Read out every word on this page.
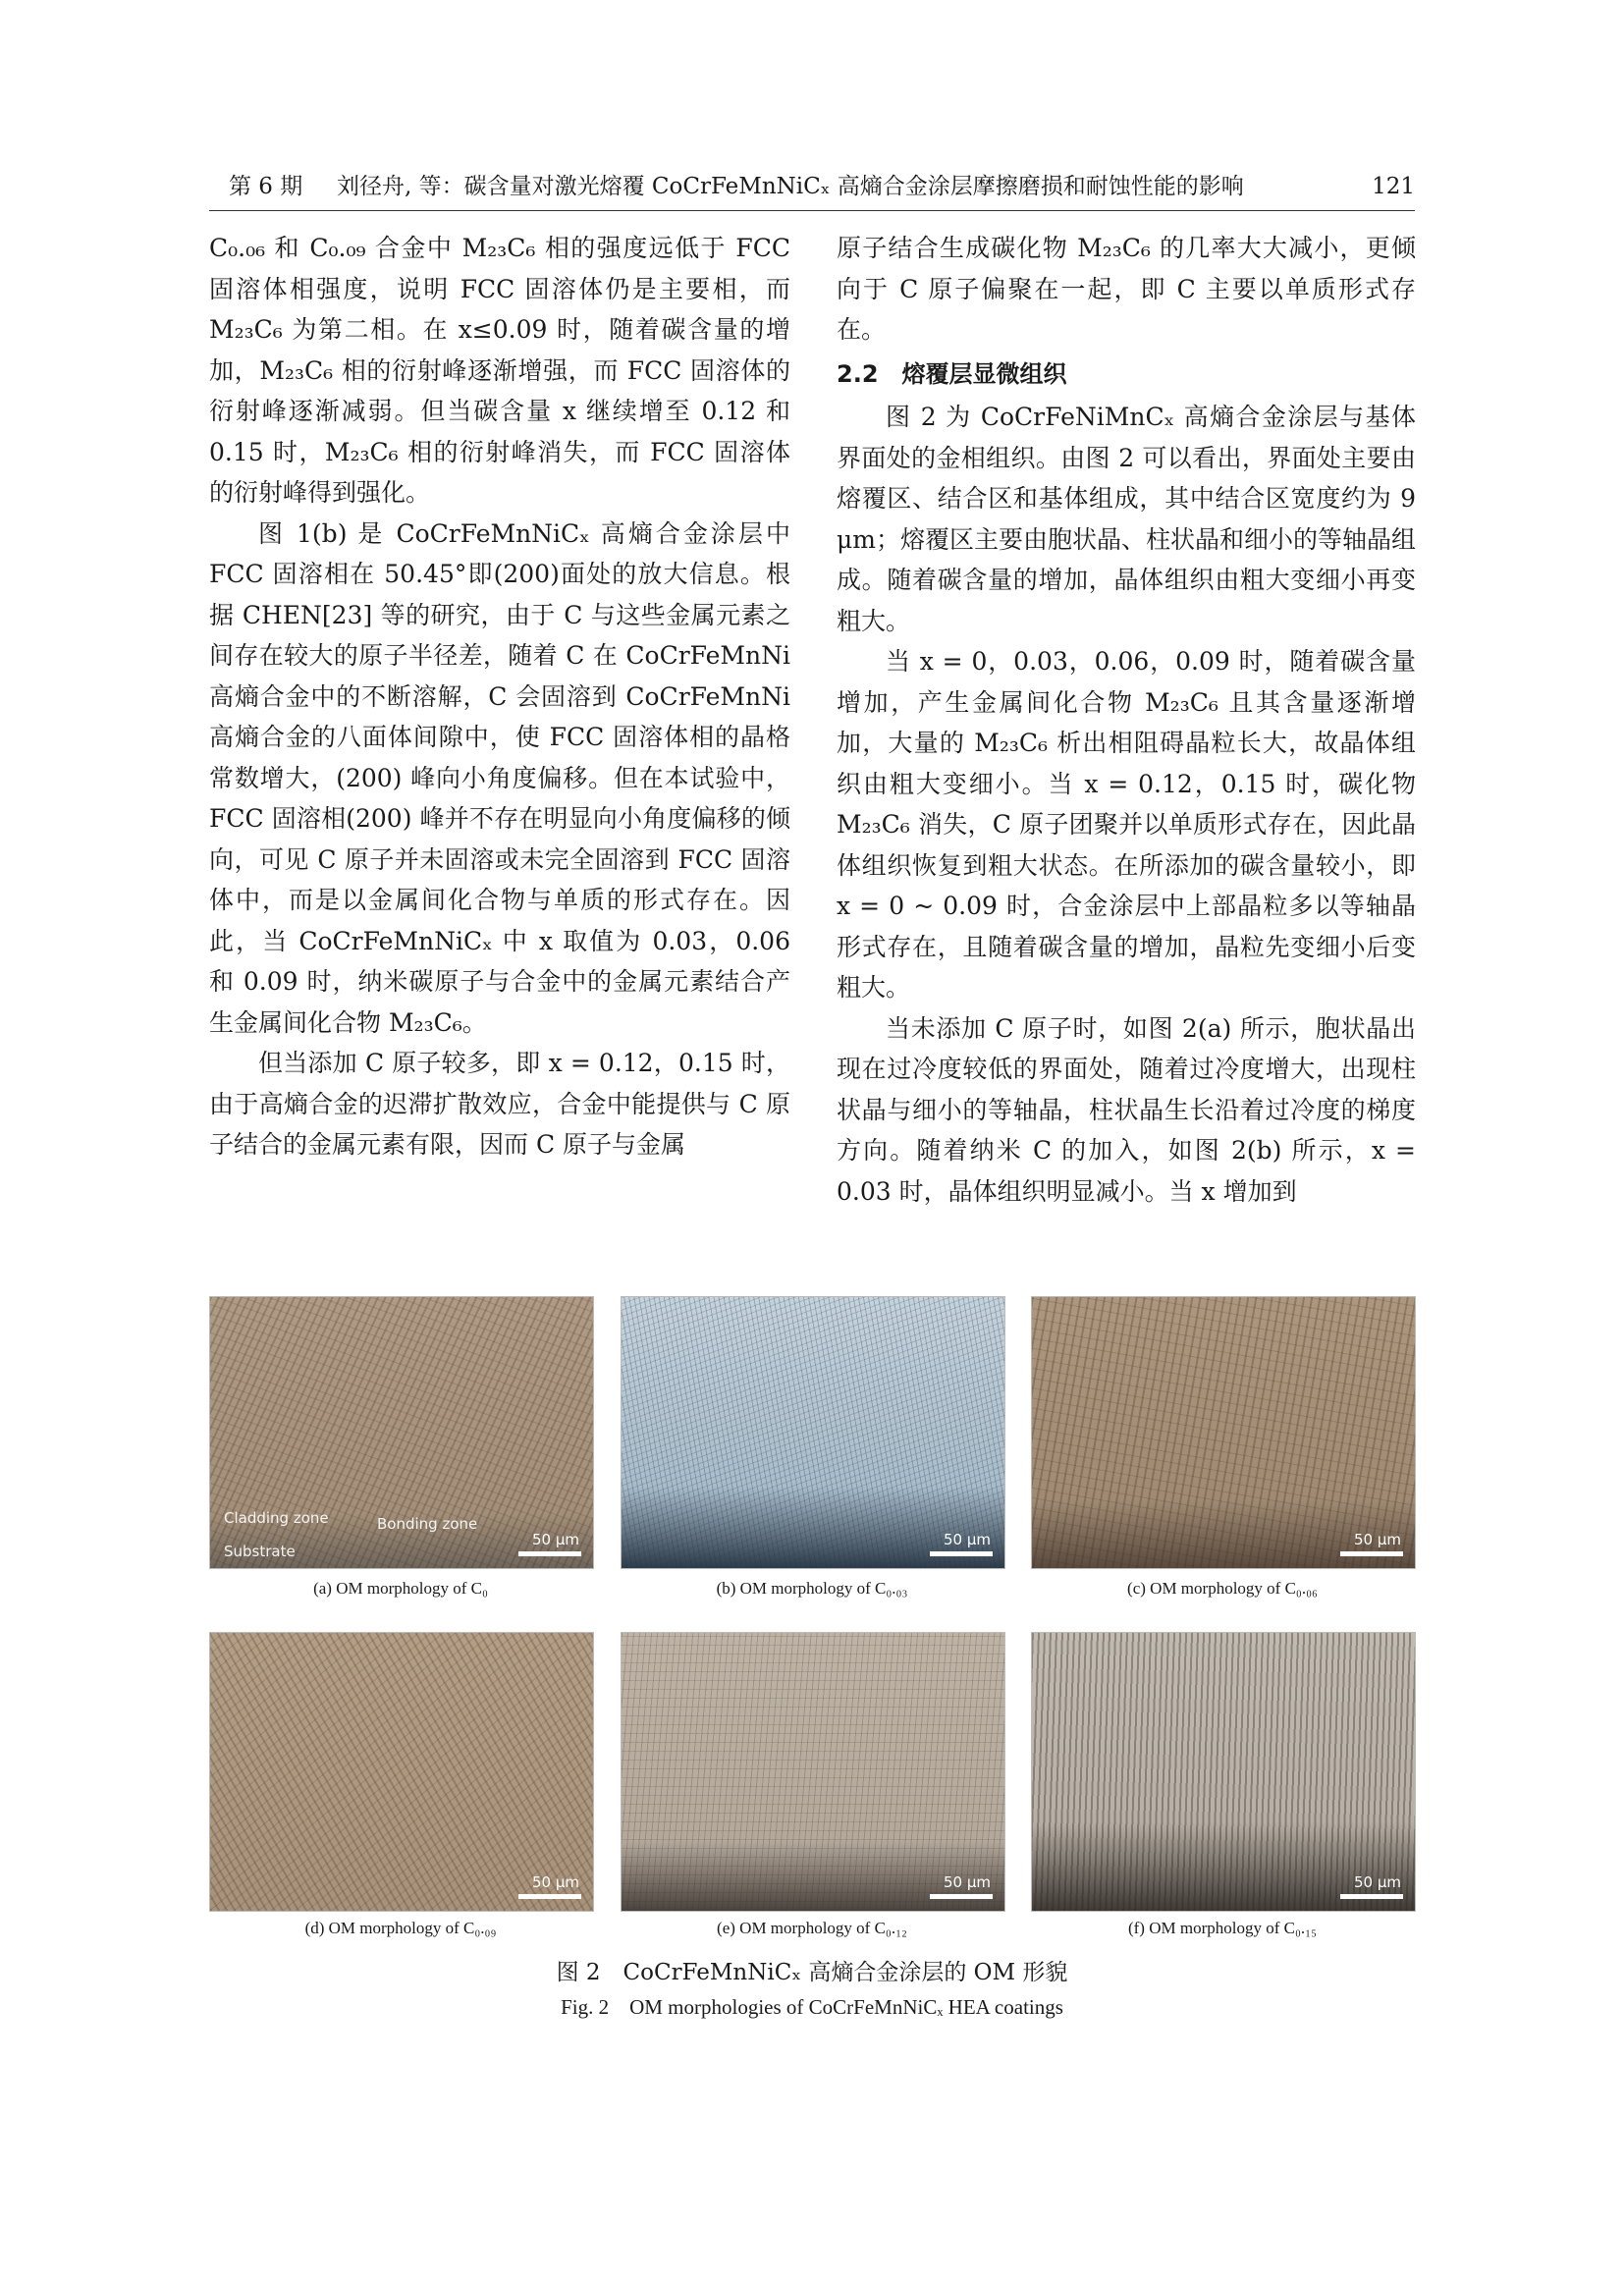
第 6 期 刘径舟, 等：碳含量对激光熔覆 CoCrFeMnNiCₓ 高熵合金涂层摩擦磨损和耐蚀性能的影响	121

C₀.₀₆ 和 C₀.₀₉ 合金中 M₂₃C₆ 相的强度远低于 FCC 固溶体相强度，说明 FCC 固溶体仍是主要相，而 M₂₃C₆ 为第二相。在 x≤0.09 时，随着碳含量的增加，M₂₃C₆ 相的衍射峰逐渐增强，而 FCC 固溶体的衍射峰逐渐减弱。但当碳含量 x 继续增至 0.12 和 0.15 时，M₂₃C₆ 相的衍射峰消失，而 FCC 固溶体的衍射峰得到强化。

图 1(b) 是 CoCrFeMnNiCₓ 高熵合金涂层中 FCC 固溶相在 50.45°即(200)面处的放大信息。根据 CHEN[23] 等的研究，由于 C 与这些金属元素之间存在较大的原子半径差，随着 C 在 CoCrFeMnNi 高熵合金中的不断溶解，C 会固溶到 CoCrFeMnNi 高熵合金的八面体间隙中，使 FCC 固溶体相的晶格常数增大，(200) 峰向小角度偏移。但在本试验中，FCC 固溶相(200) 峰并不存在明显向小角度偏移的倾向，可见 C 原子并未固溶或未完全固溶到 FCC 固溶体中，而是以金属间化合物与单质的形式存在。因此，当 CoCrFeMnNiCₓ 中 x 取值为 0.03，0.06 和 0.09 时，纳米碳原子与合金中的金属元素结合产生金属间化合物 M₂₃C₆。

但当添加 C 原子较多，即 x = 0.12，0.15 时，由于高熵合金的迟滞扩散效应，合金中能提供与 C 原子结合的金属元素有限，因而 C 原子与金属

原子结合生成碳化物 M₂₃C₆ 的几率大大减小，更倾向于 C 原子偏聚在一起，即 C 主要以单质形式存在。

2.2　熔覆层显微组织

图 2 为 CoCrFeNiMnCₓ 高熵合金涂层与基体界面处的金相组织。由图 2 可以看出，界面处主要由熔覆区、结合区和基体组成，其中结合区宽度约为 9 μm；熔覆区主要由胞状晶、柱状晶和细小的等轴晶组成。随着碳含量的增加，晶体组织由粗大变细小再变粗大。

当 x = 0，0.03，0.06，0.09 时，随着碳含量增加，产生金属间化合物 M₂₃C₆ 且其含量逐渐增加，大量的 M₂₃C₆ 析出相阻碍晶粒长大，故晶体组织由粗大变细小。当 x = 0.12，0.15 时，碳化物 M₂₃C₆ 消失，C 原子团聚并以单质形式存在，因此晶体组织恢复到粗大状态。在所添加的碳含量较小，即 x = 0 ~ 0.09 时，合金涂层中上部晶粒多以等轴晶形式存在，且随着碳含量的增加，晶粒先变细小后变粗大。

当未添加 C 原子时，如图 2(a) 所示，胞状晶出现在过冷度较低的界面处，随着过冷度增大，出现柱状晶与细小的等轴晶，柱状晶生长沿着过冷度的梯度方向。随着纳米 C 的加入，如图 2(b) 所示，x = 0.03 时，晶体组织明显减小。当 x 增加到

Cladding zone	Bonding zone
Substrate
50 μm	50 μm	50 μm
50 μm	50 μm	50 μm
(a) OM morphology of C₀	(b) OM morphology of C₀.₀₃	(c) OM morphology of C₀.₀₆
(d) OM morphology of C₀.₀₉	(e) OM morphology of C₀.₁₂	(f) OM morphology of C₀.₁₅
图 2　CoCrFeMnNiCₓ 高熵合金涂层的 OM 形貌
Fig. 2　OM morphologies of CoCrFeMnNiCₓ HEA coatings
